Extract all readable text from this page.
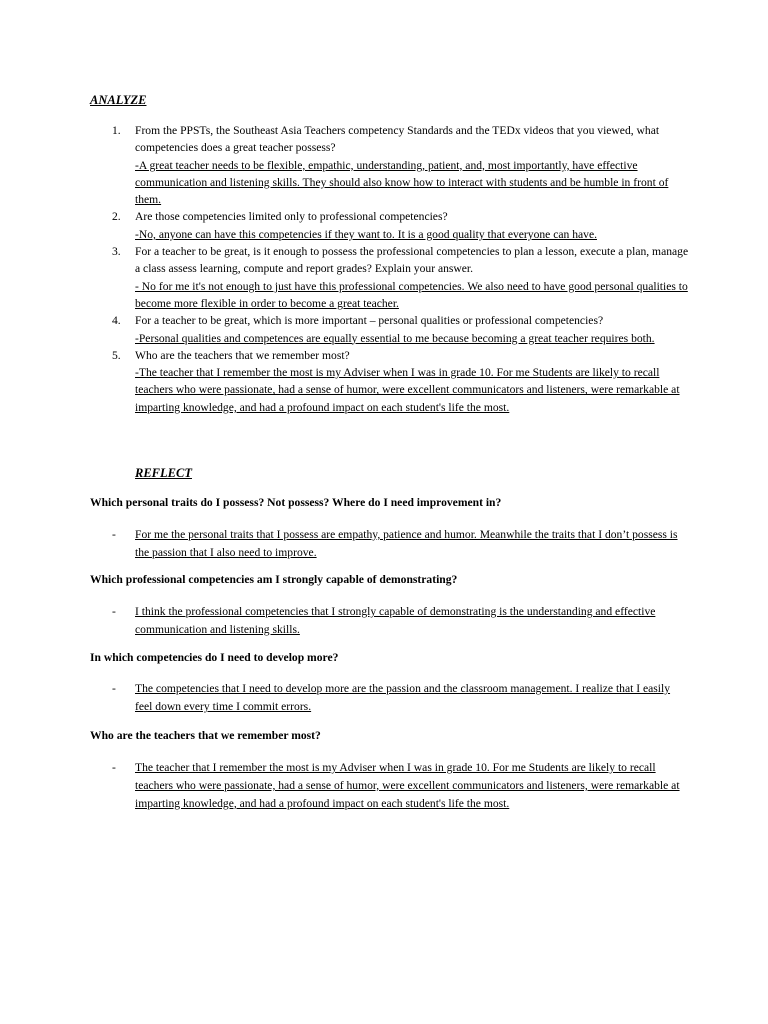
ANALYZE
1. From the PPSTs, the Southeast Asia Teachers competency Standards and the TEDx videos that you viewed, what competencies does a great teacher possess?
-A great teacher needs to be flexible, empathic, understanding, patient, and, most importantly, have effective communication and listening skills. They should also know how to interact with students and be humble in front of them.
2. Are those competencies limited only to professional competencies?
-No, anyone can have this competencies if they want to. It is a good quality that everyone can have.
3. For a teacher to be great, is it enough to possess the professional competencies to plan a lesson, execute a plan, manage a class assess learning, compute and report grades? Explain your answer.
- No for me it's not enough to just have this professional competencies. We also need to have good personal qualities to become more flexible in order to become a great teacher.
4. For a teacher to be great, which is more important – personal qualities or professional competencies?
-Personal qualities and competences are equally essential to me because becoming a great teacher requires both.
5. Who are the teachers that we remember most?
-The teacher that I remember the most is my Adviser when I was in grade 10. For me Students are likely to recall teachers who were passionate, had a sense of humor, were excellent communicators and listeners, were remarkable at imparting knowledge, and had a profound impact on each student's life the most.
REFLECT
Which personal traits do I possess? Not possess? Where do I need improvement in?
-	For me the personal traits that I possess are empathy, patience and humor. Meanwhile the traits that I don’t possess is the passion that I also need to improve.
Which professional competencies am I strongly capable of demonstrating?
-	I think the professional competencies that I strongly capable of demonstrating is the understanding and effective communication and listening skills.
In which competencies do I need to develop more?
-	The competencies that I need to develop more are the passion and the classroom management. I realize that I easily feel down every time I commit errors.
Who are the teachers that we remember most?
-	The teacher that I remember the most is my Adviser when I was in grade 10. For me Students are likely to recall teachers who were passionate, had a sense of humor, were excellent communicators and listeners, were remarkable at imparting knowledge, and had a profound impact on each student's life the most.
